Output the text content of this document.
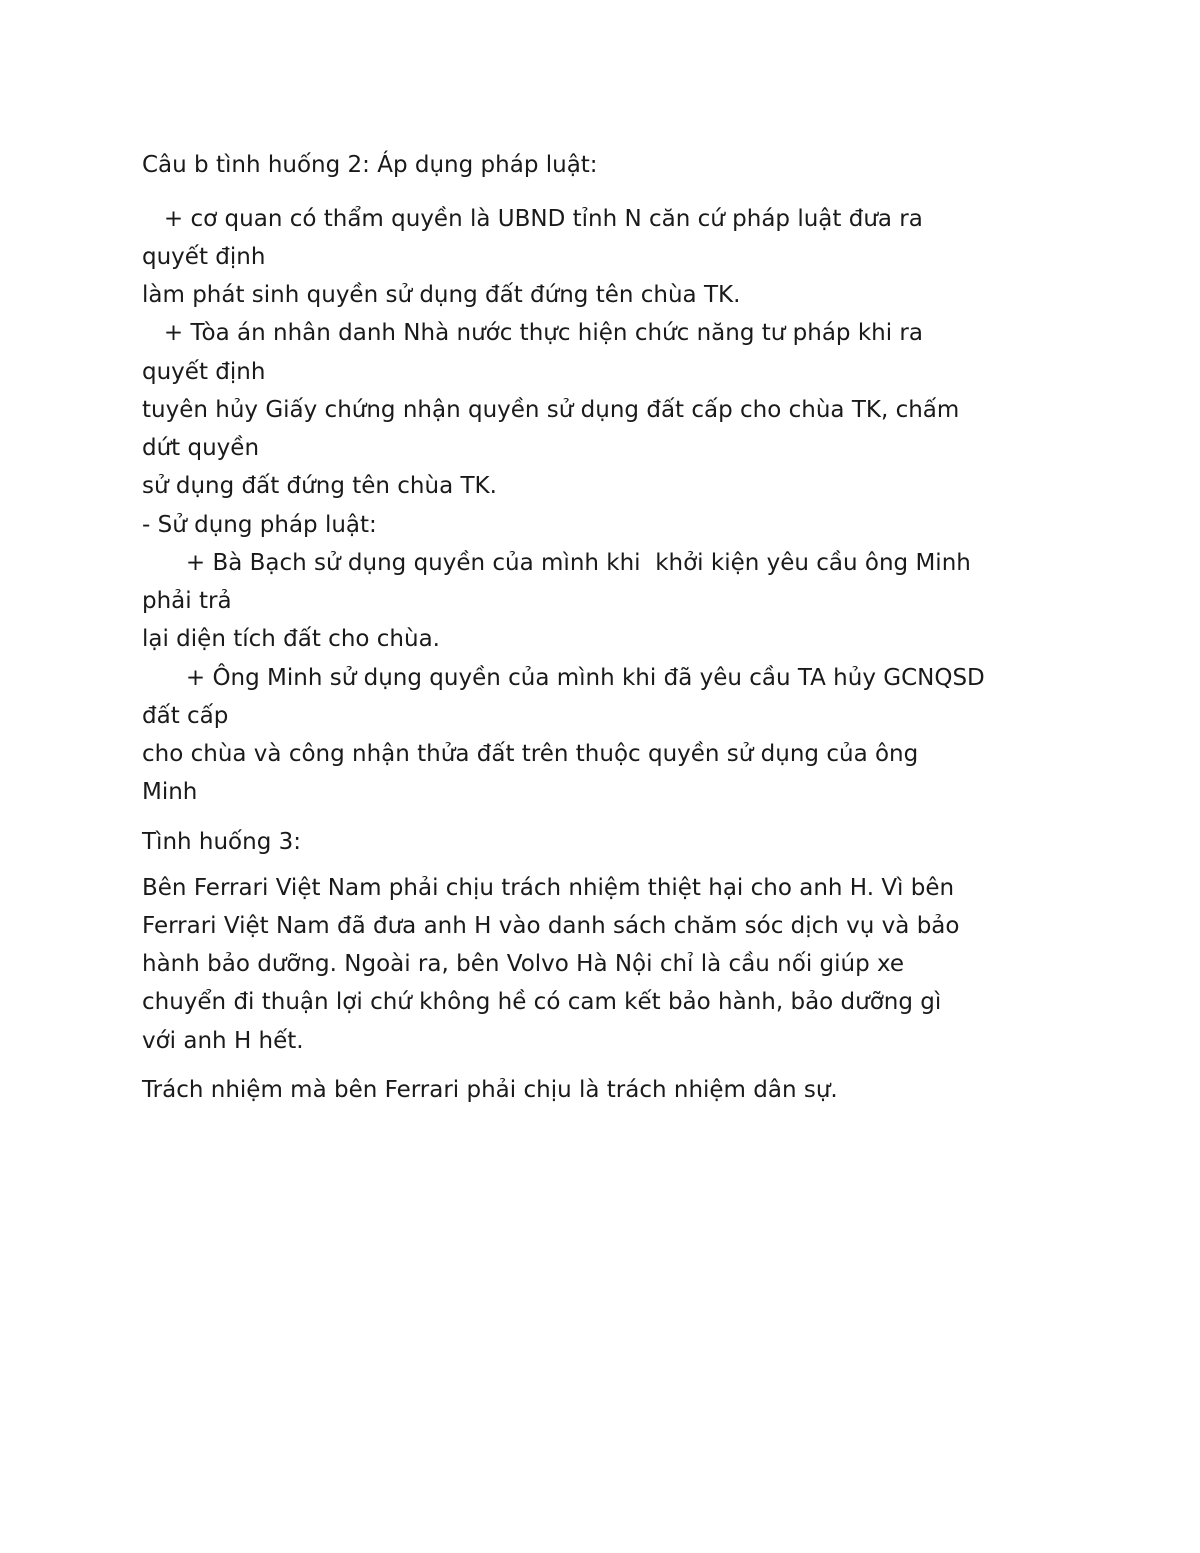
Câu b tình huống 2: Áp dụng pháp luật:
+ cơ quan có thẩm quyền là UBND tỉnh N căn cứ pháp luật đưa ra
quyết định
làm phát sinh quyền sử dụng đất đứng tên chùa TK.
+ Tòa án nhân danh Nhà nước thực hiện chức năng tư pháp khi ra
quyết định
tuyên hủy Giấy chứng nhận quyền sử dụng đất cấp cho chùa TK, chấm
dứt quyền
sử dụng đất đứng tên chùa TK.
- Sử dụng pháp luật:
+ Bà Bạch sử dụng quyền của mình khi  khởi kiện yêu cầu ông Minh
phải trả
lại diện tích đất cho chùa.
+ Ông Minh sử dụng quyền của mình khi đã yêu cầu TA hủy GCNQSD
đất cấp
cho chùa và công nhận thửa đất trên thuộc quyền sử dụng của ông
Minh
Tình huống 3:
Bên Ferrari Việt Nam phải chịu trách nhiệm thiệt hại cho anh H. Vì bên
Ferrari Việt Nam đã đưa anh H vào danh sách chăm sóc dịch vụ và bảo
hành bảo dưỡng. Ngoài ra, bên Volvo Hà Nội chỉ là cầu nối giúp xe
chuyển đi thuận lợi chứ không hề có cam kết bảo hành, bảo dưỡng gì
với anh H hết.
Trách nhiệm mà bên Ferrari phải chịu là trách nhiệm dân sự.
